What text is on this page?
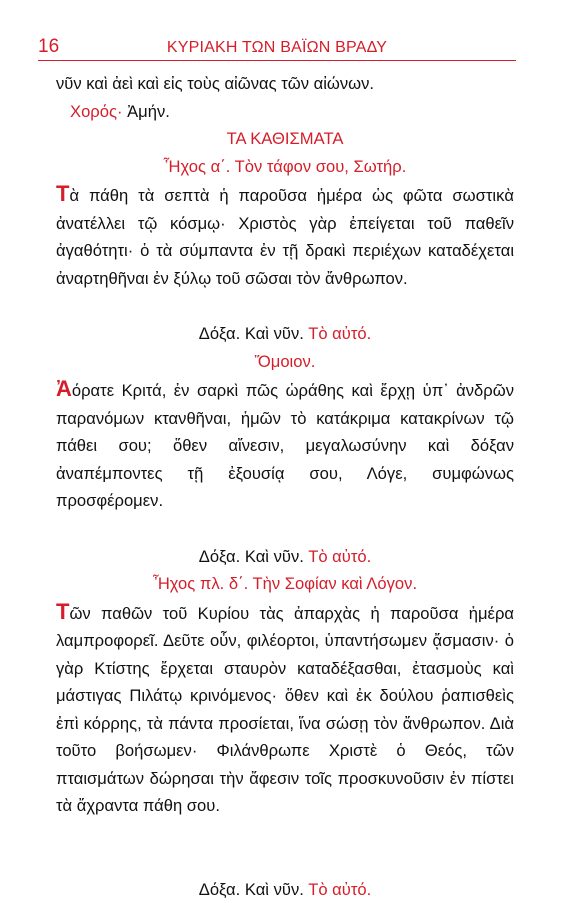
16	ΚΥΡΙΑΚΗ ΤΩΝ ΒΑΪΩΝ ΒΡΑΔΥ
νῦν καὶ ἀεὶ καὶ εἰς τοὺς αἰῶνας τῶν αἰώνων.
Χορός· Ἀμήν.
ΤΑ ΚΑΘΙΣΜΑΤΑ
Ἦχος α΄. Τὸν τάφον σου, Σωτήρ.

Τὰ πάθη τὰ σεπτὰ ἡ παροῦσα ἡμέρα ὡς φῶτα σωστικὰ ἀνατέλλει τῷ κόσμῳ· Χριστὸς γὰρ ἐπείγεται τοῦ παθεῖν ἀγαθότητι· ὁ τὰ σύμπαντα ἐν τῇ δρακὶ περιέχων καταδέχεται ἀναρτηθῆναι ἐν ξύλῳ τοῦ σῶσαι τὸν ἄνθρωπον.

Δόξα. Καὶ νῦν. Τὸ αὐτό.
Ὅμοιον.

Ἀόρατε Κριτά, ἐν σαρκὶ πῶς ὡράθης καὶ ἔρχῃ ὑπ᾽ ἀνδρῶν παρανόμων κτανθῆναι, ἡμῶν τὸ κατάκριμα κατακρίνων τῷ πάθει σου; ὅθεν αἴνεσιν, μεγαλωσύνην καὶ δόξαν ἀναπέμποντες τῇ ἐξουσίᾳ σου, Λόγε, συμφώνως προσφέρομεν.

Δόξα. Καὶ νῦν. Τὸ αὐτό.
Ἦχος πλ. δ΄. Τὴν Σοφίαν καὶ Λόγον.

Τῶν παθῶν τοῦ Κυρίου τὰς ἀπαρχὰς ἡ παροῦσα ἡμέρα λαμπροφορεῖ. Δεῦτε οὖν, φιλέορτοι, ὑπαντήσωμεν ᾄσμασιν· ὁ γὰρ Κτίστης ἔρχεται σταυρὸν καταδέξασθαι, ἐτασμοὺς καὶ μάστιγας Πιλάτῳ κρινόμενος· ὅθεν καὶ ἐκ δούλου ῥαπισθεὶς ἐπὶ κόρρης, τὰ πάντα προσίεται, ἵνα σώσῃ τὸν ἄνθρωπον. Διὰ τοῦτο βοήσωμεν· Φιλάνθρωπε Χριστὲ ὁ Θεός, τῶν πταισμάτων δώρησαι τὴν ἄφεσιν τοῖς προσκυνοῦσιν ἐν πίστει τὰ ἄχραντα πάθη σου.

Δόξα. Καὶ νῦν. Τὸ αὐτό.
